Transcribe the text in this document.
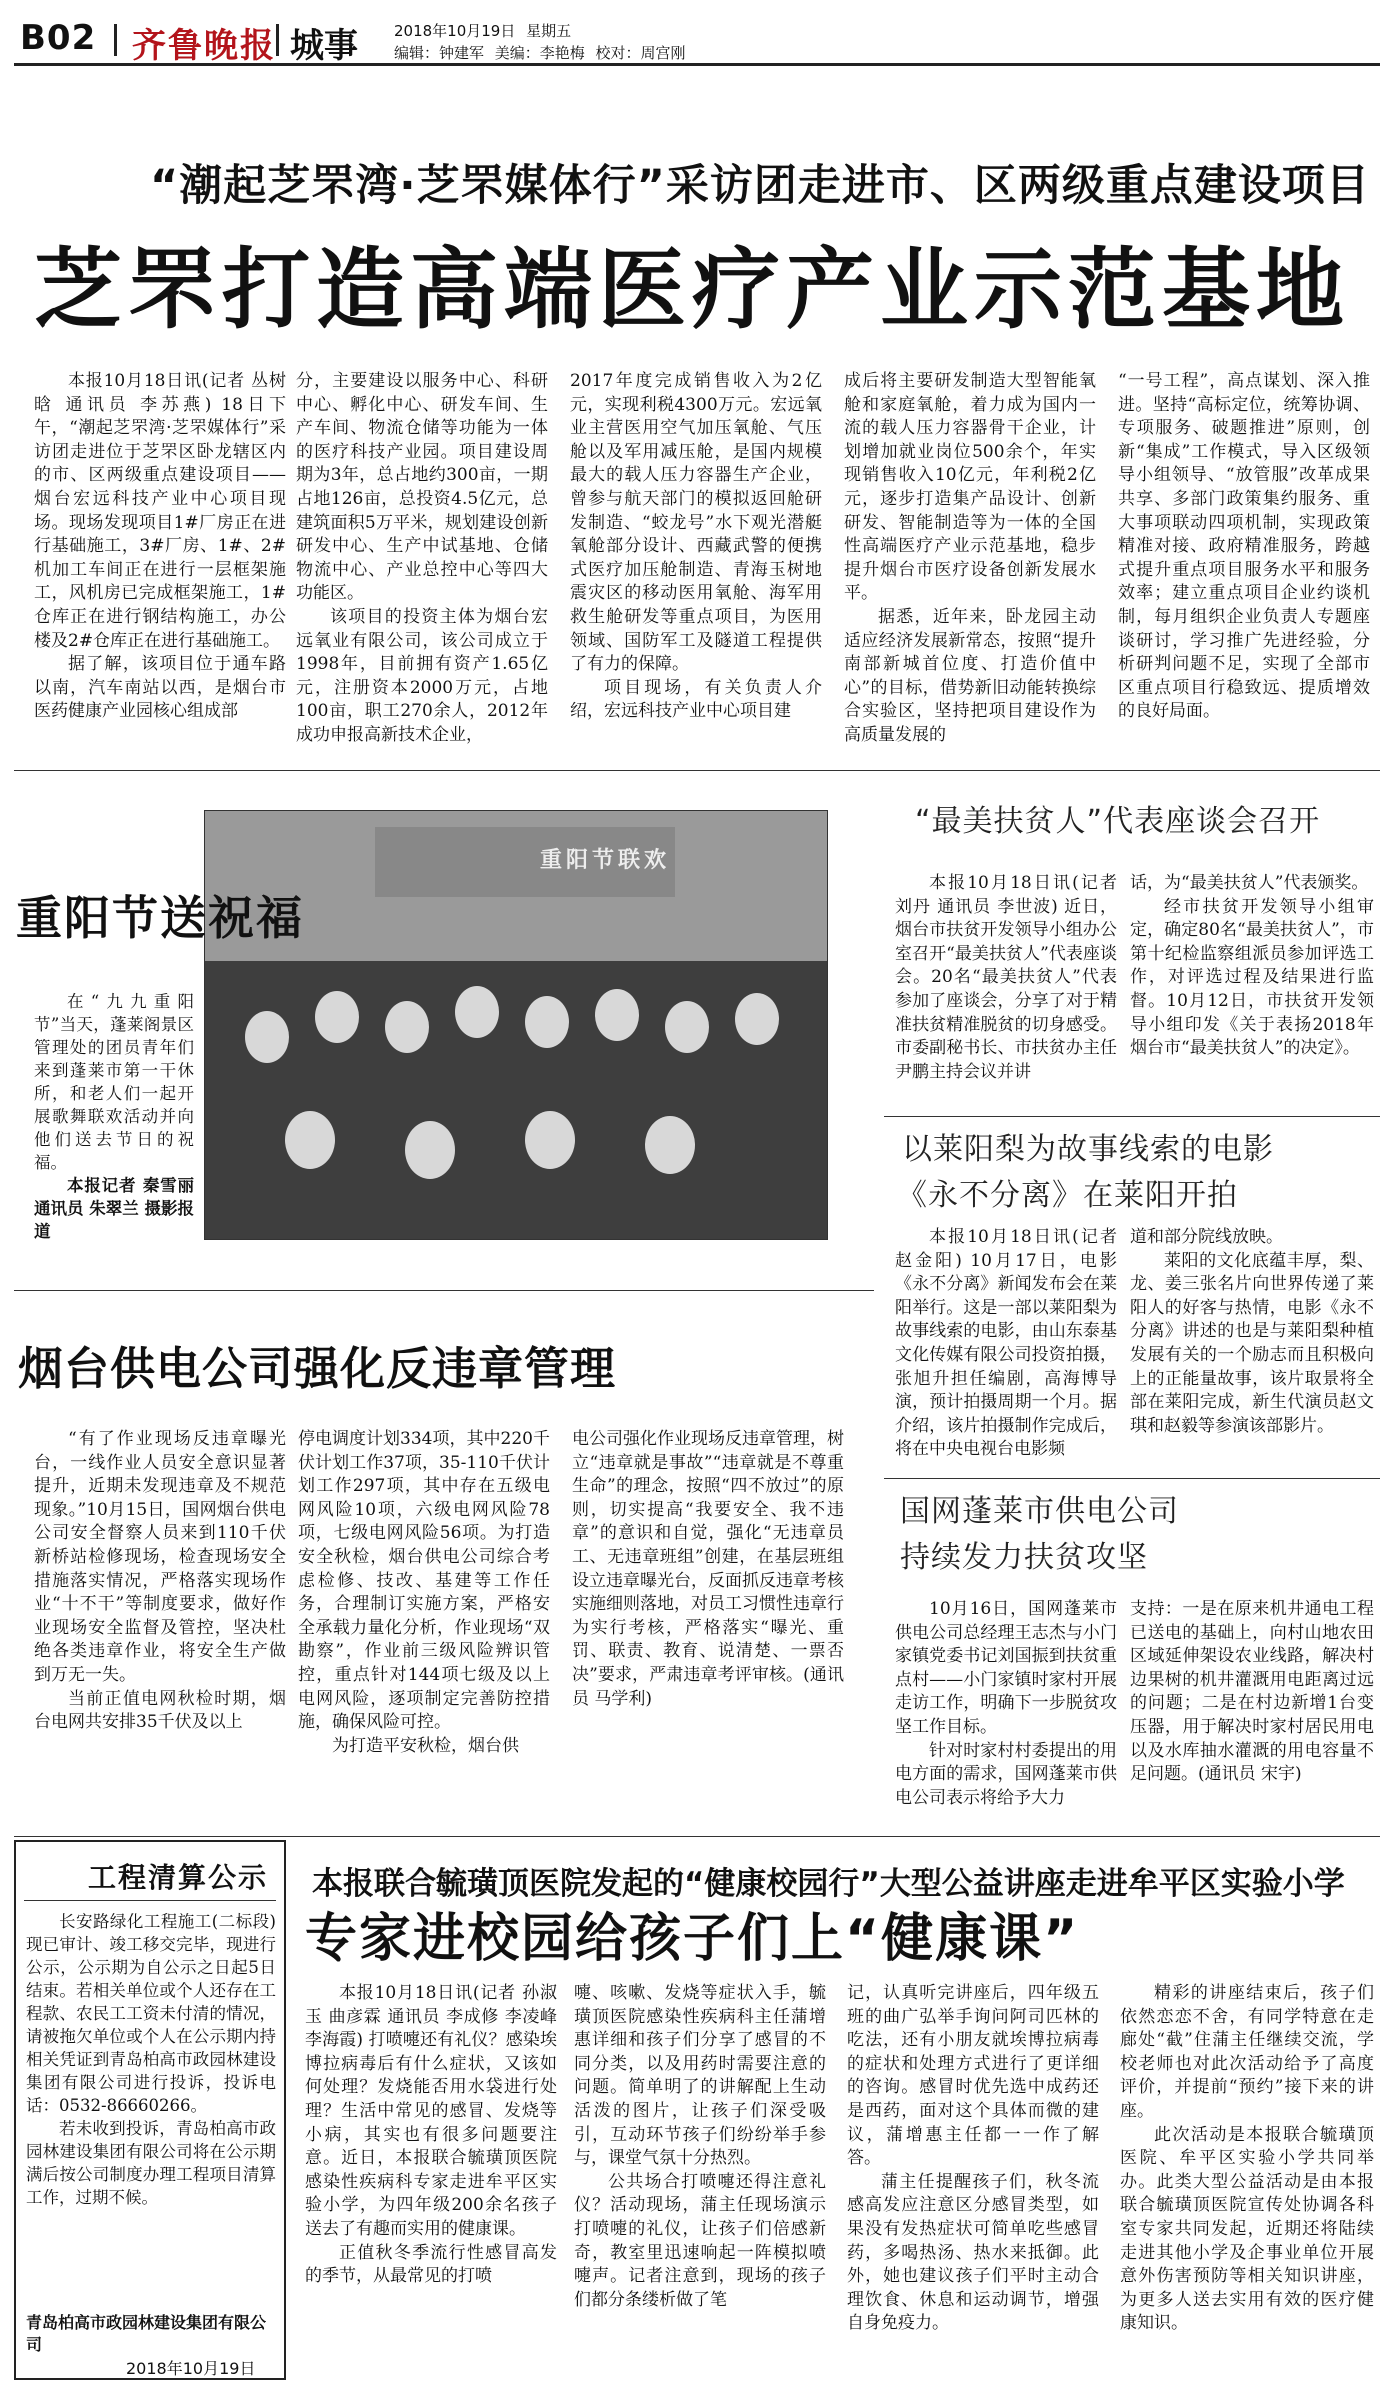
B02 齐鲁晚报 城事 2018年10月19日 星期五
编辑：钟建军 美编：李艳梅 校对：周宫刚
“潮起芝罘湾·芝罘媒体行”采访团走进市、区两级重点建设项目
芝罘打造高端医疗产业示范基地

本报10月18日讯(记者 丛树晗 通讯员 李苏燕) 18日下午，“潮起芝罘湾·芝罘媒体行”采访团走进位于芝罘区卧龙辖区内的市、区两级重点建设项目——烟台宏远科技产业中心项目现场。现场发现项目1#厂房正在进行基础施工，3#厂房、1#、2#机加工车间正在进行一层框架施工，风机房已完成框架施工，1#仓库正在进行钢结构施工，办公楼及2#仓库正在进行基础施工。

据了解，该项目位于通车路以南，汽车南站以西，是烟台市医药健康产业园核心组成部

分，主要建设以服务中心、科研中心、孵化中心、研发车间、生产车间、物流仓储等功能为一体的医疗科技产业园。项目建设周期为3年，总占地约300亩，一期占地126亩，总投资4.5亿元，总建筑面积5万平米，规划建设创新研发中心、生产中试基地、仓储物流中心、产业总控中心等四大功能区。

该项目的投资主体为烟台宏远氧业有限公司，该公司成立于1998年，目前拥有资产1.65亿元，注册资本2000万元，占地100亩，职工270余人，2012年成功申报高新技术企业，

2017年度完成销售收入为2亿元，实现利税4300万元。宏远氧业主营医用空气加压氧舱、气压舱以及军用减压舱，是国内规模最大的载人压力容器生产企业，曾参与航天部门的模拟返回舱研发制造、“蛟龙号”水下观光潜艇氧舱部分设计、西藏武警的便携式医疗加压舱制造、青海玉树地震灾区的移动医用氧舱、海军用救生舱研发等重点项目，为医用领域、国防军工及隧道工程提供了有力的保障。

项目现场，有关负责人介绍，宏远科技产业中心项目建

成后将主要研发制造大型智能氧舱和家庭氧舱，着力成为国内一流的载人压力容器骨干企业，计划增加就业岗位500余个，年实现销售收入10亿元，年利税2亿元，逐步打造集产品设计、创新研发、智能制造等为一体的全国性高端医疗产业示范基地，稳步提升烟台市医疗设备创新发展水平。

据悉，近年来，卧龙园主动适应经济发展新常态，按照“提升南部新城首位度、打造价值中心”的目标，借势新旧动能转换综合实验区，坚持把项目建设作为高质量发展的

“一号工程”，高点谋划、深入推进。坚持“高标定位，统筹协调、专项服务、破题推进”原则，创新“集成”工作模式，导入区级领导小组领导、“放管服”改革成果共享、多部门政策集约服务、重大事项联动四项机制，实现政策精准对接、政府精准服务，跨越式提升重点项目服务水平和服务效率；建立重点项目企业约谈机制，每月组织企业负责人专题座谈研讨，学习推广先进经验，分析研判问题不足，实现了全部市区重点项目行稳致远、提质增效的良好局面。

重阳节联欢
重阳节送祝福

在“九九重阳节”当天，蓬莱阁景区管理处的团员青年们来到蓬莱市第一干休所，和老人们一起开展歌舞联欢活动并向他们送去节日的祝福。

本报记者 秦雪丽 通讯员 朱翠兰 摄影报道

“最美扶贫人”代表座谈会召开

本报10月18日讯(记者 刘丹 通讯员 李世波) 近日，烟台市扶贫开发领导小组办公室召开“最美扶贫人”代表座谈会。20名“最美扶贫人”代表参加了座谈会，分享了对于精准扶贫精准脱贫的切身感受。市委副秘书长、市扶贫办主任尹鹏主持会议并讲

话，为“最美扶贫人”代表颁奖。

经市扶贫开发领导小组审定，确定80名“最美扶贫人”，市第十纪检监察组派员参加评选工作，对评选过程及结果进行监督。10月12日，市扶贫开发领导小组印发《关于表扬2018年烟台市“最美扶贫人”的决定》。

以莱阳梨为故事线索的电影
《永不分离》在莱阳开拍

本报10月18日讯(记者 赵金阳) 10月17日，电影《永不分离》新闻发布会在莱阳举行。这是一部以莱阳梨为故事线索的电影，由山东泰基文化传媒有限公司投资拍摄，张旭升担任编剧，高海博导演，预计拍摄周期一个月。据介绍，该片拍摄制作完成后，将在中央电视台电影频

道和部分院线放映。

莱阳的文化底蕴丰厚，梨、龙、姜三张名片向世界传递了莱阳人的好客与热情，电影《永不分离》讲述的也是与莱阳梨种植发展有关的一个励志而且积极向上的正能量故事，该片取景将全部在莱阳完成，新生代演员赵文琪和赵毅等参演该部影片。

烟台供电公司强化反违章管理

“有了作业现场反违章曝光台，一线作业人员安全意识显著提升，近期未发现违章及不规范现象。”10月15日，国网烟台供电公司安全督察人员来到110千伏新桥站检修现场，检查现场安全措施落实情况，严格落实现场作业“十不干”等制度要求，做好作业现场安全监督及管控，坚决杜绝各类违章作业，将安全生产做到万无一失。

当前正值电网秋检时期，烟台电网共安排35千伏及以上

停电调度计划334项，其中220千伏计划工作37项，35-110千伏计划工作297项，其中存在五级电网风险10项，六级电网风险78项，七级电网风险56项。为打造安全秋检，烟台供电公司综合考虑检修、技改、基建等工作任务，合理制订实施方案，严格安全承载力量化分析，作业现场“双勘察”，作业前三级风险辨识管控，重点针对144项七级及以上电网风险，逐项制定完善防控措施，确保风险可控。

为打造平安秋检，烟台供

电公司强化作业现场反违章管理，树立“违章就是事故”“违章就是不尊重生命”的理念，按照“四不放过”的原则，切实提高“我要安全、我不违章”的意识和自觉，强化“无违章员工、无违章班组”创建，在基层班组设立违章曝光台，反面抓反违章考核实施细则落地，对员工习惯性违章行为实行考核，严格落实“曝光、重罚、联责、教育、说清楚、一票否决”要求，严肃违章考评审核。(通讯员 马学利)

国网蓬莱市供电公司
持续发力扶贫攻坚

10月16日，国网蓬莱市供电公司总经理王志杰与小门家镇党委书记刘国振到扶贫重点村——小门家镇时家村开展走访工作，明确下一步脱贫攻坚工作目标。

针对时家村村委提出的用电方面的需求，国网蓬莱市供电公司表示将给予大力

支持：一是在原来机井通电工程已送电的基础上，向村山地农田区域延伸架设农业线路，解决村边果树的机井灌溉用电距离过远的问题；二是在村边新增1台变压器，用于解决时家村居民用电以及水库抽水灌溉的用电容量不足问题。(通讯员 宋宇)

工程清算公示

长安路绿化工程施工(二标段)现已审计、竣工移交完毕，现进行公示，公示期为自公示之日起5日结束。若相关单位或个人还存在工程款、农民工工资未付清的情况，请被拖欠单位或个人在公示期内持相关凭证到青岛柏高市政园林建设集团有限公司进行投诉，投诉电话：0532-86660266。

若未收到投诉，青岛柏高市政园林建设集团有限公司将在公示期满后按公司制度办理工程项目清算工作，过期不候。

青岛柏高市政园林建设集团有限公司
2018年10月19日
本报联合毓璜顶医院发起的“健康校园行”大型公益讲座走进牟平区实验小学
专家进校园给孩子们上“健康课”

本报10月18日讯(记者 孙淑玉 曲彦霖 通讯员 李成修 李凌峰 李海霞) 打喷嚏还有礼仪？感染埃博拉病毒后有什么症状，又该如何处理？发烧能否用水袋进行处理？生活中常见的感冒、发烧等小病，其实也有很多问题要注意。近日，本报联合毓璜顶医院感染性疾病科专家走进牟平区实验小学，为四年级200余名孩子送去了有趣而实用的健康课。

正值秋冬季流行性感冒高发的季节，从最常见的打喷

嚏、咳嗽、发烧等症状入手，毓璜顶医院感染性疾病科主任蒲增惠详细和孩子们分享了感冒的不同分类，以及用药时需要注意的问题。简单明了的讲解配上生动活泼的图片，让孩子们深受吸引，互动环节孩子们纷纷举手参与，课堂气氛十分热烈。

公共场合打喷嚏还得注意礼仪？活动现场，蒲主任现场演示打喷嚏的礼仪，让孩子们倍感新奇，教室里迅速响起一阵模拟喷嚏声。记者注意到，现场的孩子们都分条缕析做了笔

记，认真听完讲座后，四年级五班的曲广弘举手询问阿司匹林的吃法，还有小朋友就埃博拉病毒的症状和处理方式进行了更详细的咨询。感冒时优先选中成药还是西药，面对这个具体而微的建议，蒲增惠主任都一一作了解答。

蒲主任提醒孩子们，秋冬流感高发应注意区分感冒类型，如果没有发热症状可简单吃些感冒药，多喝热汤、热水来抵御。此外，她也建议孩子们平时主动合理饮食、休息和运动调节，增强自身免疫力。

精彩的讲座结束后，孩子们依然恋恋不舍，有同学特意在走廊处“截”住蒲主任继续交流，学校老师也对此次活动给予了高度评价，并提前“预约”接下来的讲座。

此次活动是本报联合毓璜顶医院、牟平区实验小学共同举办。此类大型公益活动是由本报联合毓璜顶医院宣传处协调各科室专家共同发起，近期还将陆续走进其他小学及企事业单位开展意外伤害预防等相关知识讲座，为更多人送去实用有效的医疗健康知识。
